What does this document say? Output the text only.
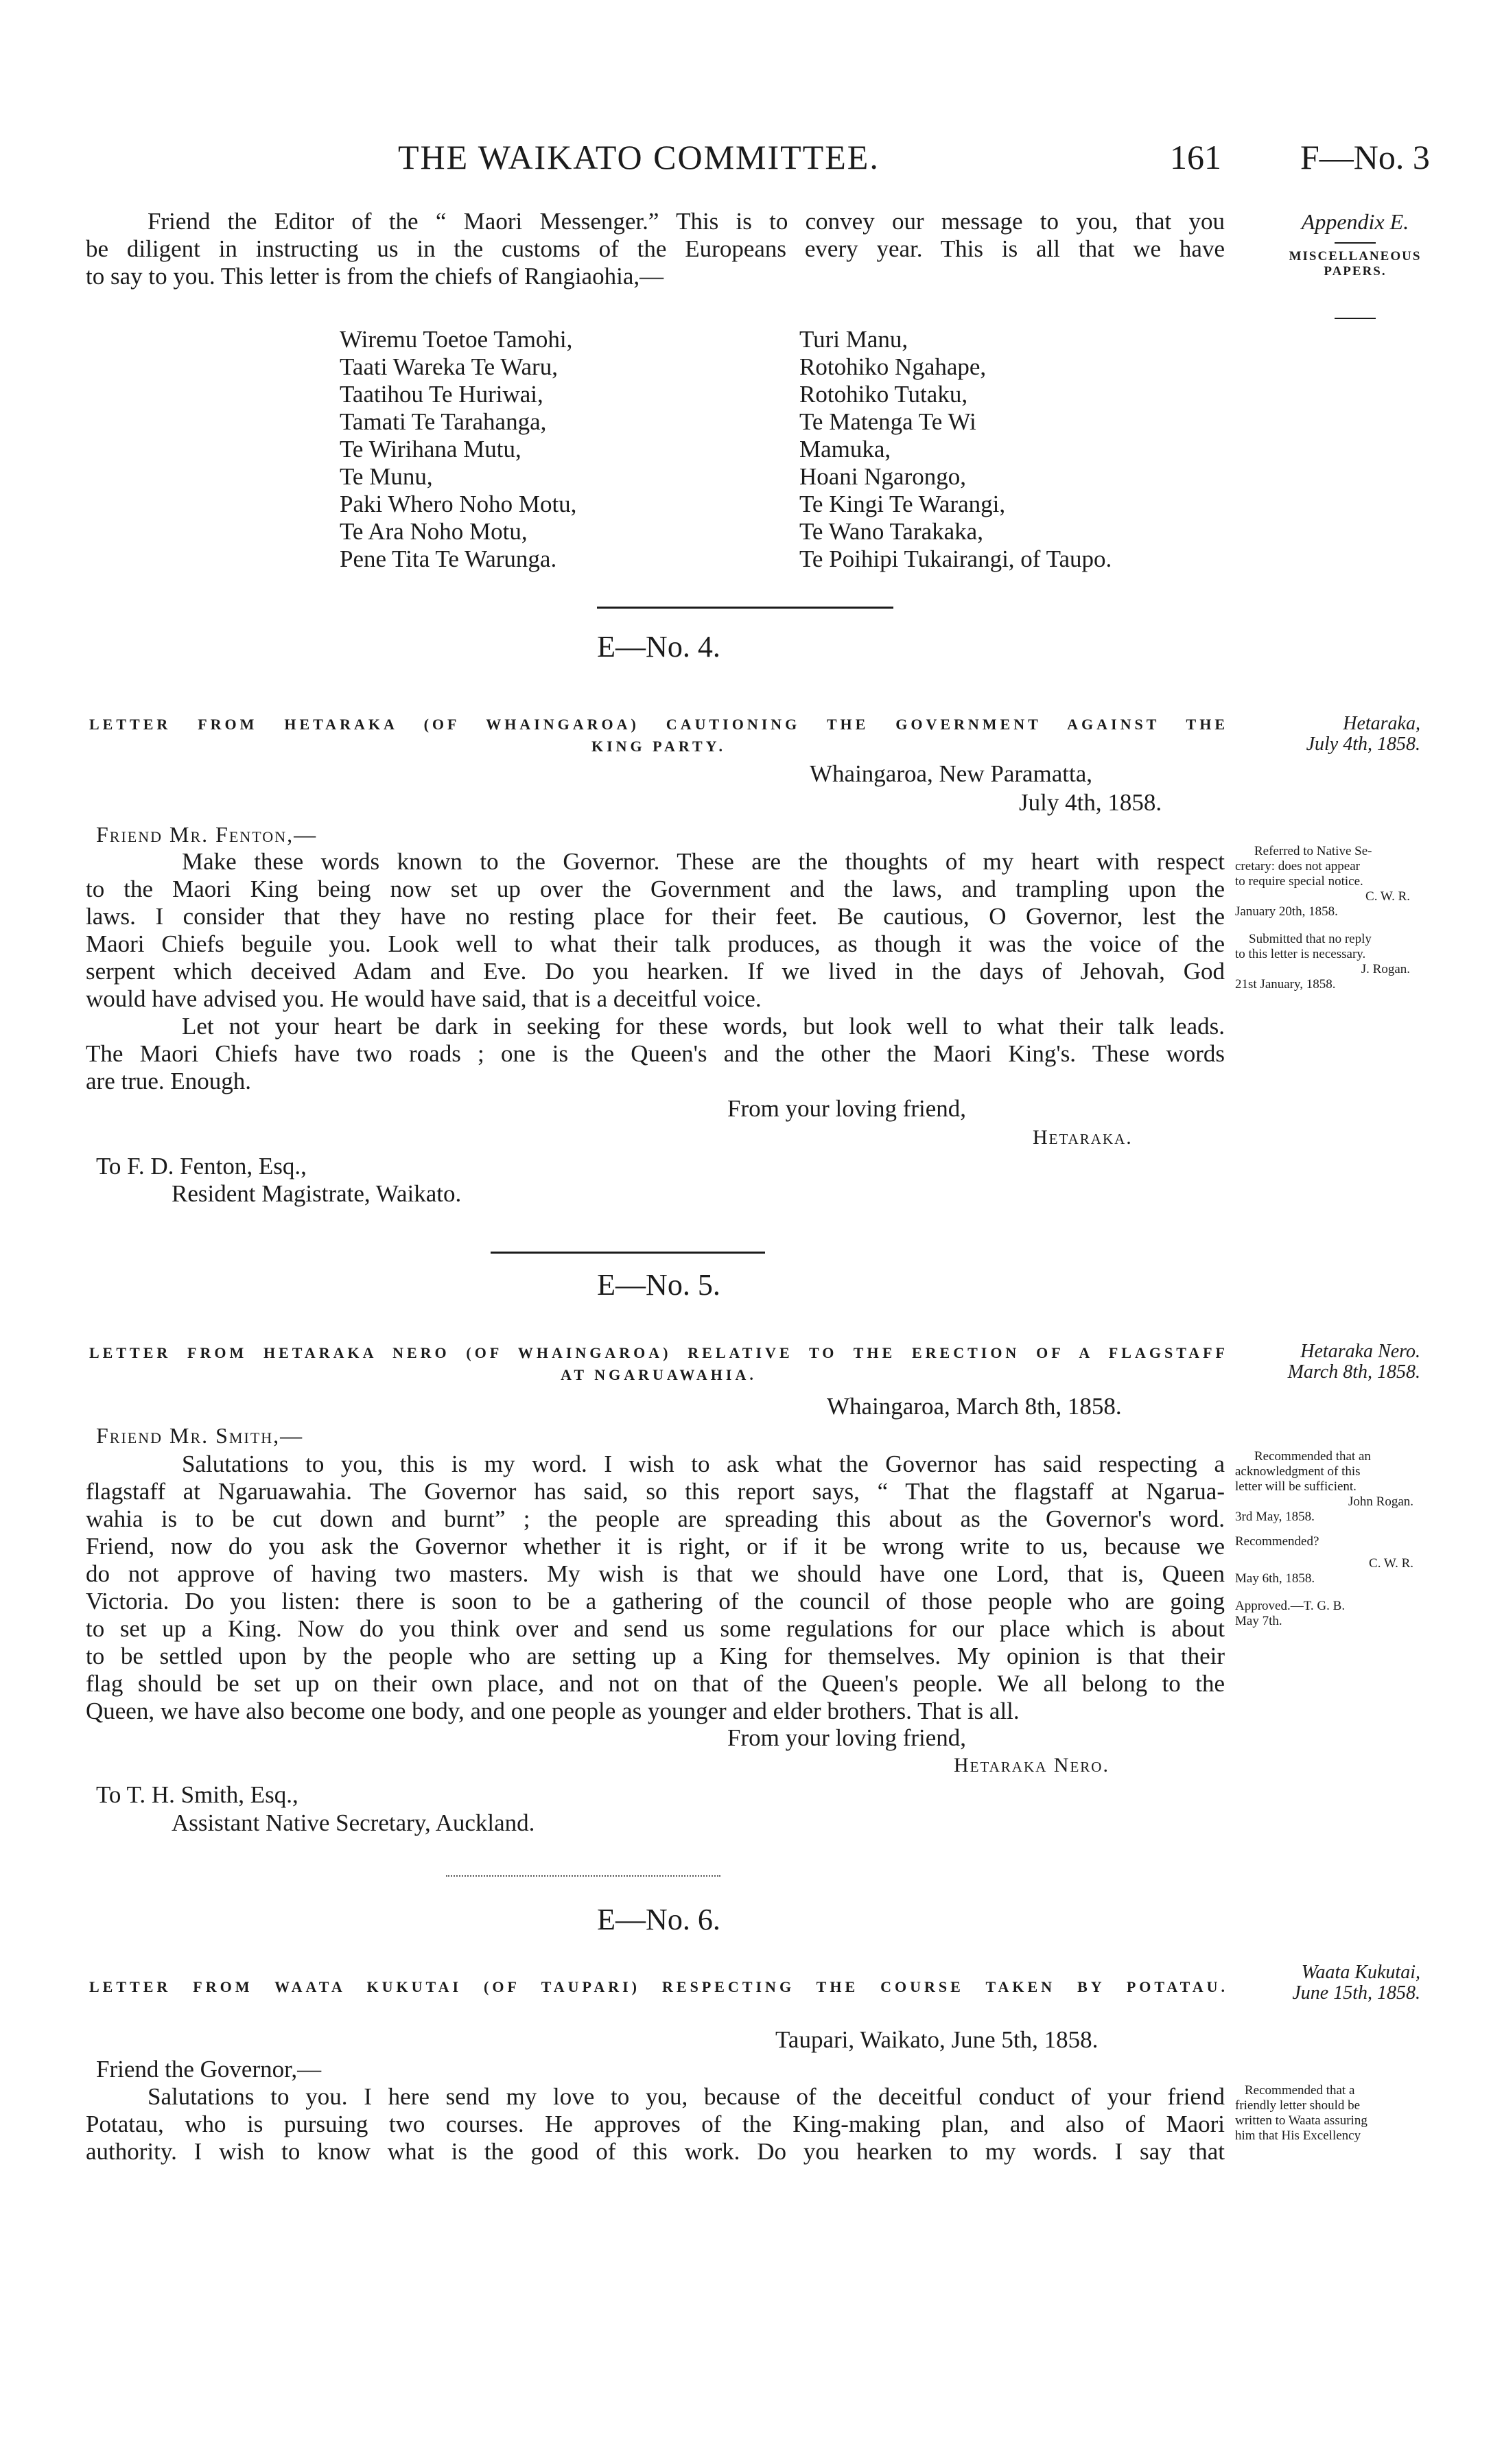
THE WAIKATO COMMITTEE.	161 F—No. 3
Appendix E.
MISCELLANEOUS PAPERS.
Friend the Editor of the “ Maori Messenger.” This is to convey our message to you, that you
be diligent in instructing us in the customs of the Europeans every year. This is all that we have
to say to you. This letter is from the chiefs of Rangiaohia,—
Wiremu Toetoe Tamohi,
Taati Wareka Te Waru,
Taatihou Te Huriwai,
Tamati Te Tarahanga,
Te Wirihana Mutu,
Te Munu,
Paki Whero Noho Motu,
Te Ara Noho Motu,
Pene Tita Te Warunga.
Turi Manu,
Rotohiko Ngahape,
Rotohiko Tutaku,
Te Matenga Te Wi
Mamuka,
Hoani Ngarongo,
Te Kingi Te Warangi,
Te Wano Tarakaka,
Te Poihipi Tukairangi, of Taupo.
E—No. 4.
LETTER FROM HETARAKA (OF WHAINGAROA) CAUTIONING THE GOVERNMENT AGAINST THE
KING PARTY.
Whaingaroa, New Paramatta,
July 4th, 1858.
Friend Mr. Fenton,—
Make these words known to the Governor. These are the thoughts of my heart with respect
to the Maori King being now set up over the Government and the laws, and trampling upon the
laws. I consider that they have no resting place for their feet. Be cautious, O Governor, lest the
Maori Chiefs beguile you. Look well to what their talk produces, as though it was the voice of the
serpent which deceived Adam and Eve. Do you hearken. If we lived in the days of Jehovah, God
would have advised you. He would have said, that is a deceitful voice.
Let not your heart be dark in seeking for these words, but look well to what their talk leads.
The Maori Chiefs have two roads ; one is the Queen's and the other the Maori King's. These words
are true. Enough.
From your loving friend,
Hetaraka.
To F. D. Fenton, Esq.,
Resident Magistrate, Waikato.
Hetaraka,
July 4th, 1858.
Referred to Native Se-
cretary: does not appear
to require special notice.
C. W. R.
January 20th, 1858.
Submitted that no reply
to this letter is necessary.
J. Rogan.
21st January, 1858.
E—No. 5.
LETTER FROM HETARAKA NERO (OF WHAINGAROA) RELATIVE TO THE ERECTION OF A FLAGSTAFF
AT NGARUAWAHIA.
Whaingaroa, March 8th, 1858.
Friend Mr. Smith,—
Salutations to you, this is my word. I wish to ask what the Governor has said respecting a
flagstaff at Ngaruawahia. The Governor has said, so this report says, “ That the flagstaff at Ngarua-
wahia is to be cut down and burnt” ; the people are spreading this about as the Governor's word.
Friend, now do you ask the Governor whether it is right, or if it be wrong write to us, because we
do not approve of having two masters. My wish is that we should have one Lord, that is, Queen
Victoria. Do you listen: there is soon to be a gathering of the council of those people who are going
to set up a King. Now do you think over and send us some regulations for our place which is about
to be settled upon by the people who are setting up a King for themselves. My opinion is that their
flag should be set up on their own place, and not on that of the Queen's people. We all belong to the
Queen, we have also become one body, and one people as younger and elder brothers. That is all.
From your loving friend,
Hetaraka Nero.
To T. H. Smith, Esq.,
Assistant Native Secretary, Auckland.
Hetaraka Nero.
March 8th, 1858.
Recommended that an
acknowledgment of this
letter will be sufficient.
John Rogan.
3rd May, 1858.
Recommended?
C. W. R.
May 6th, 1858.
Approved.—T. G. B.
May 7th.
E—No. 6.
LETTER FROM WAATA KUKUTAI (OF TAUPARI) RESPECTING THE COURSE TAKEN BY POTATAU.
Taupari, Waikato, June 5th, 1858.
Friend the Governor,—
Salutations to you. I here send my love to you, because of the deceitful conduct of your friend
Potatau, who is pursuing two courses. He approves of the King-making plan, and also of Maori
authority. I wish to know what is the good of this work. Do you hearken to my words. I say that
Waata Kukutai,
June 15th, 1858.
Recommended that a
friendly letter should be
written to Waata assuring
him that His Excellency
